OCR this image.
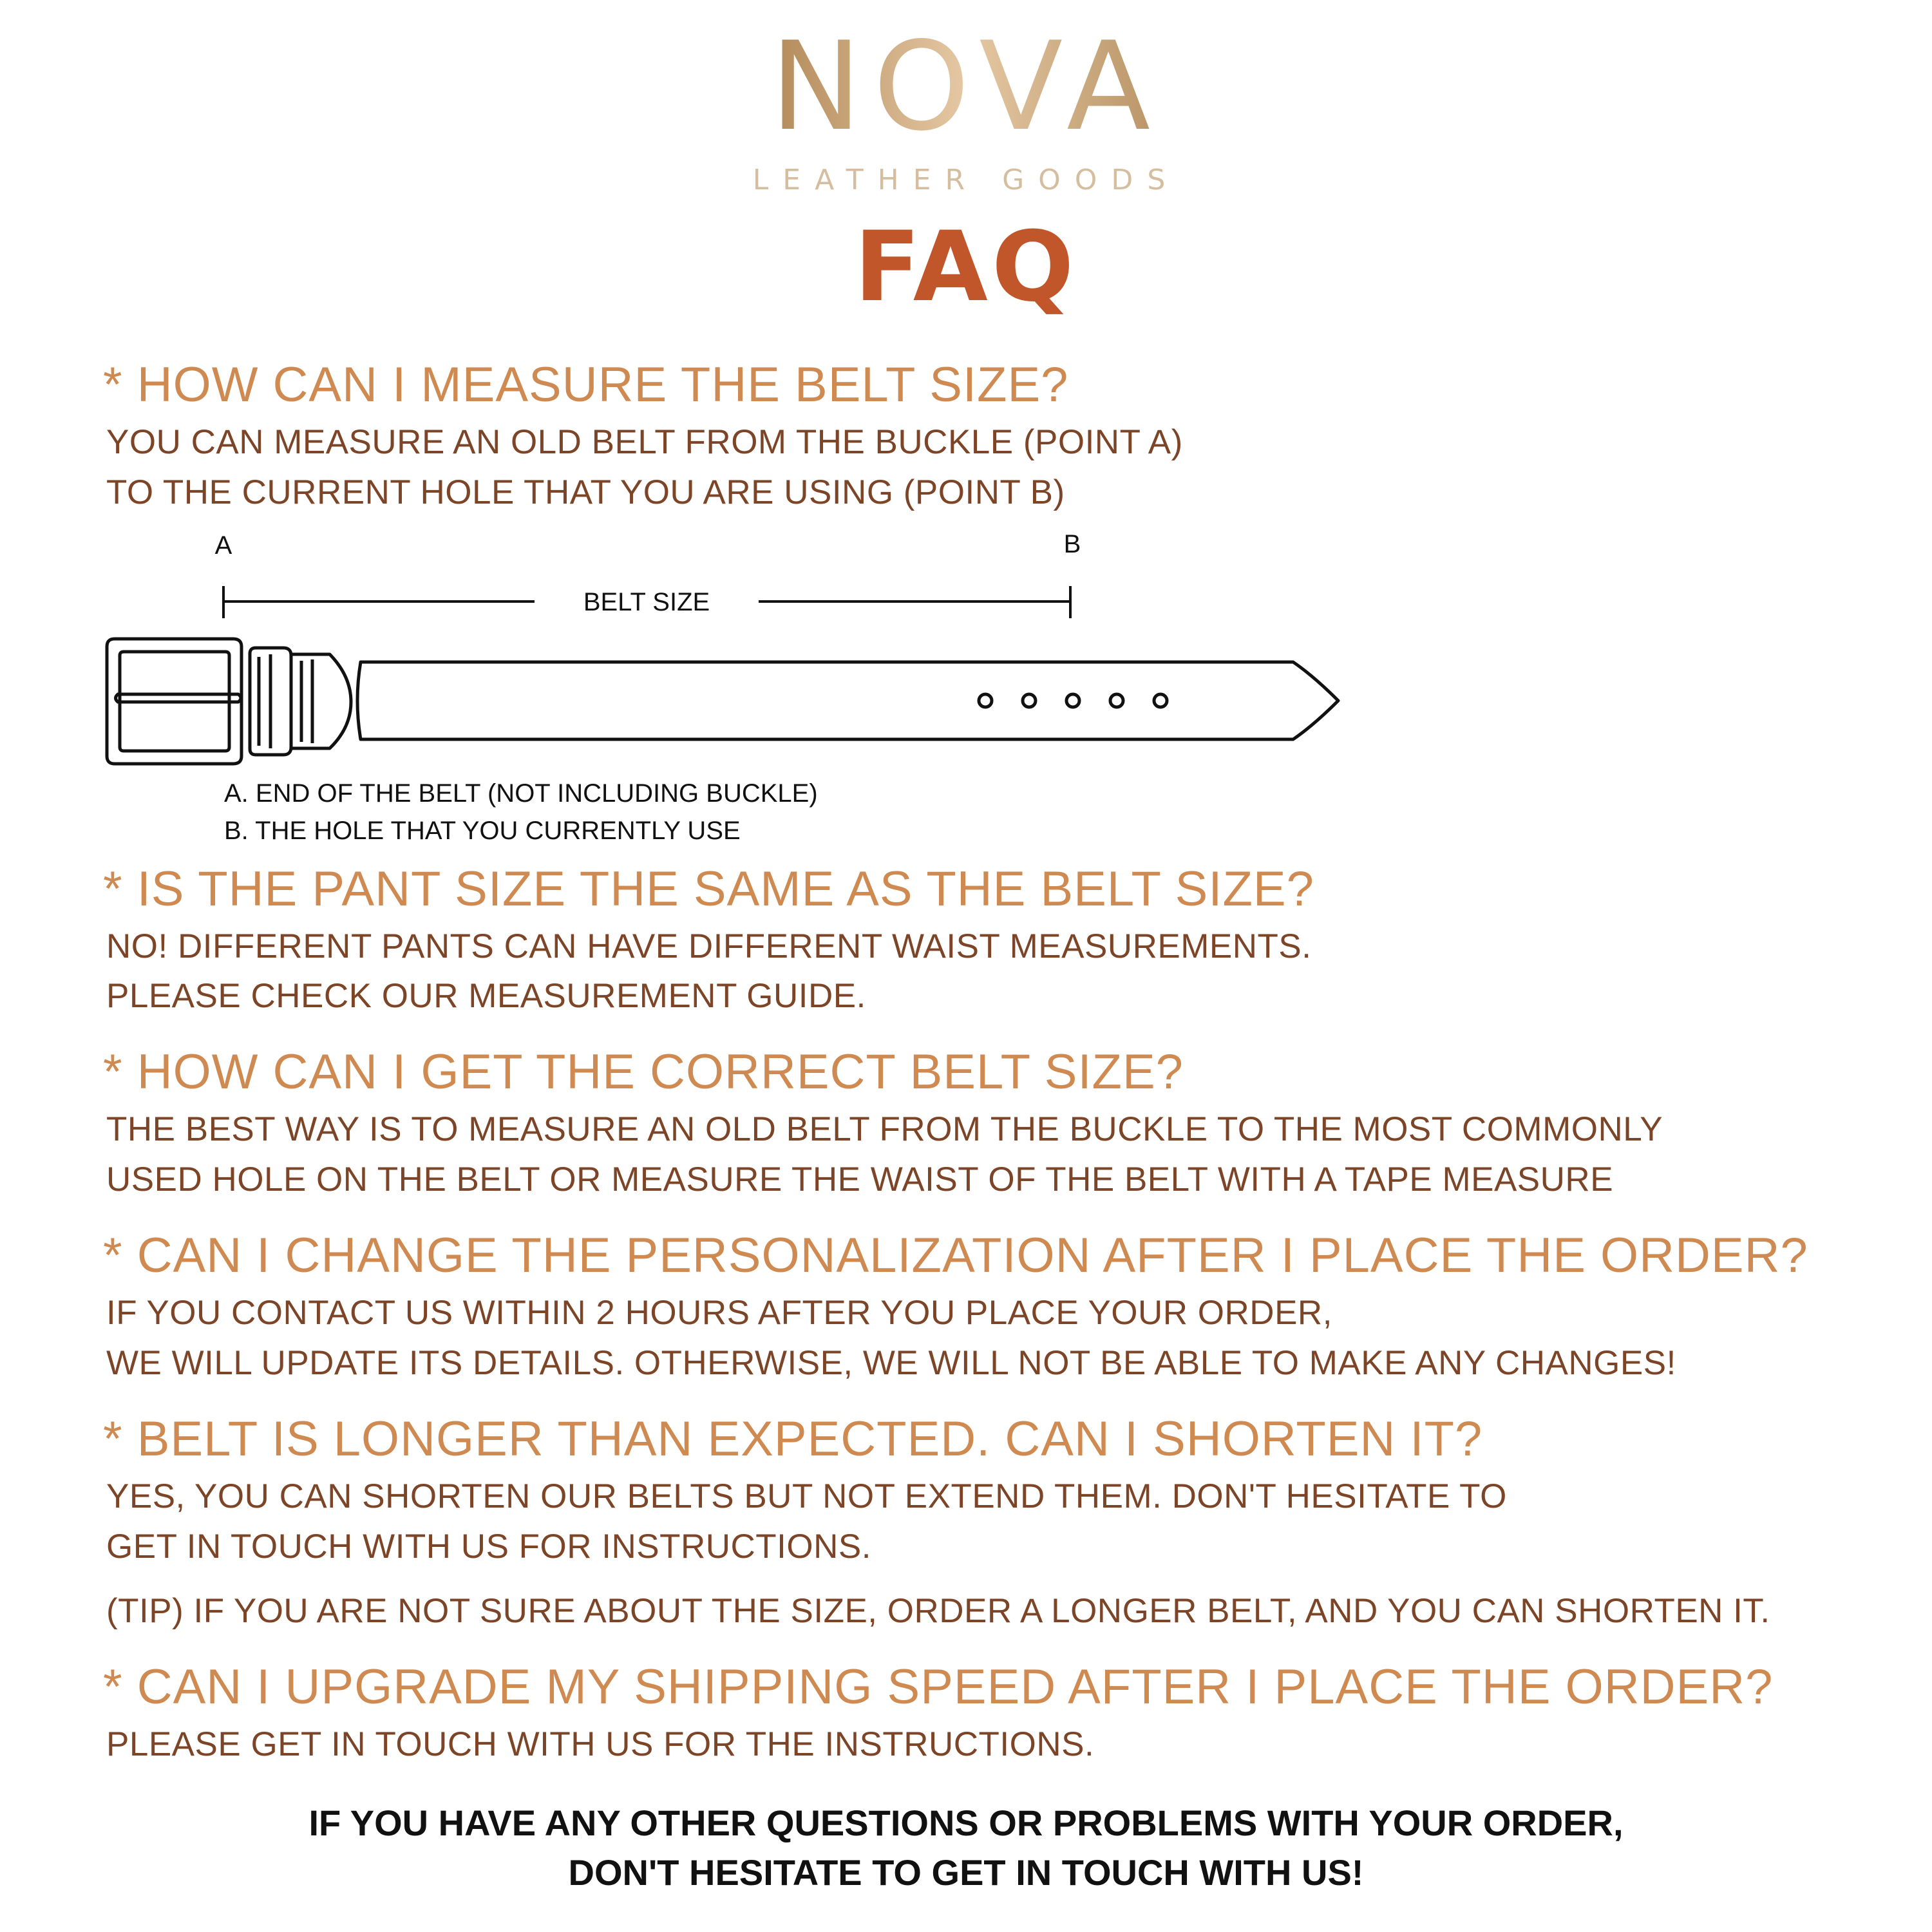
NOVA
LEATHER GOODS
FAQ
* HOW CAN I MEASURE THE BELT SIZE?
YOU CAN MEASURE AN OLD BELT FROM THE BUCKLE (POINT A)
TO THE CURRENT HOLE THAT YOU ARE USING (POINT B)
A	B
BELT SIZE
A. END OF THE BELT (NOT INCLUDING BUCKLE)
B. THE HOLE THAT YOU CURRENTLY USE
* IS THE PANT SIZE THE SAME AS THE BELT SIZE?
NO! DIFFERENT PANTS CAN HAVE DIFFERENT WAIST MEASUREMENTS.
PLEASE CHECK OUR MEASUREMENT GUIDE.
* HOW CAN I GET THE CORRECT BELT SIZE?
THE BEST WAY IS TO MEASURE AN OLD BELT FROM THE BUCKLE TO THE MOST COMMONLY
USED HOLE ON THE BELT OR MEASURE THE WAIST OF THE BELT WITH A TAPE MEASURE
* CAN I CHANGE THE PERSONALIZATION AFTER I PLACE THE ORDER?
IF YOU CONTACT US WITHIN 2 HOURS AFTER YOU PLACE YOUR ORDER,
WE WILL UPDATE ITS DETAILS. OTHERWISE, WE WILL NOT BE ABLE TO MAKE ANY CHANGES!
* BELT IS LONGER THAN EXPECTED. CAN I SHORTEN IT?
YES, YOU CAN SHORTEN OUR BELTS BUT NOT EXTEND THEM. DON'T HESITATE TO
GET IN TOUCH WITH US FOR INSTRUCTIONS.
(TIP) IF YOU ARE NOT SURE ABOUT THE SIZE, ORDER A LONGER BELT, AND YOU CAN SHORTEN IT.
* CAN I UPGRADE MY SHIPPING SPEED AFTER I PLACE THE ORDER?
PLEASE GET IN TOUCH WITH US FOR THE INSTRUCTIONS.
IF YOU HAVE ANY OTHER QUESTIONS OR PROBLEMS WITH YOUR ORDER,
DON'T HESITATE TO GET IN TOUCH WITH US!
